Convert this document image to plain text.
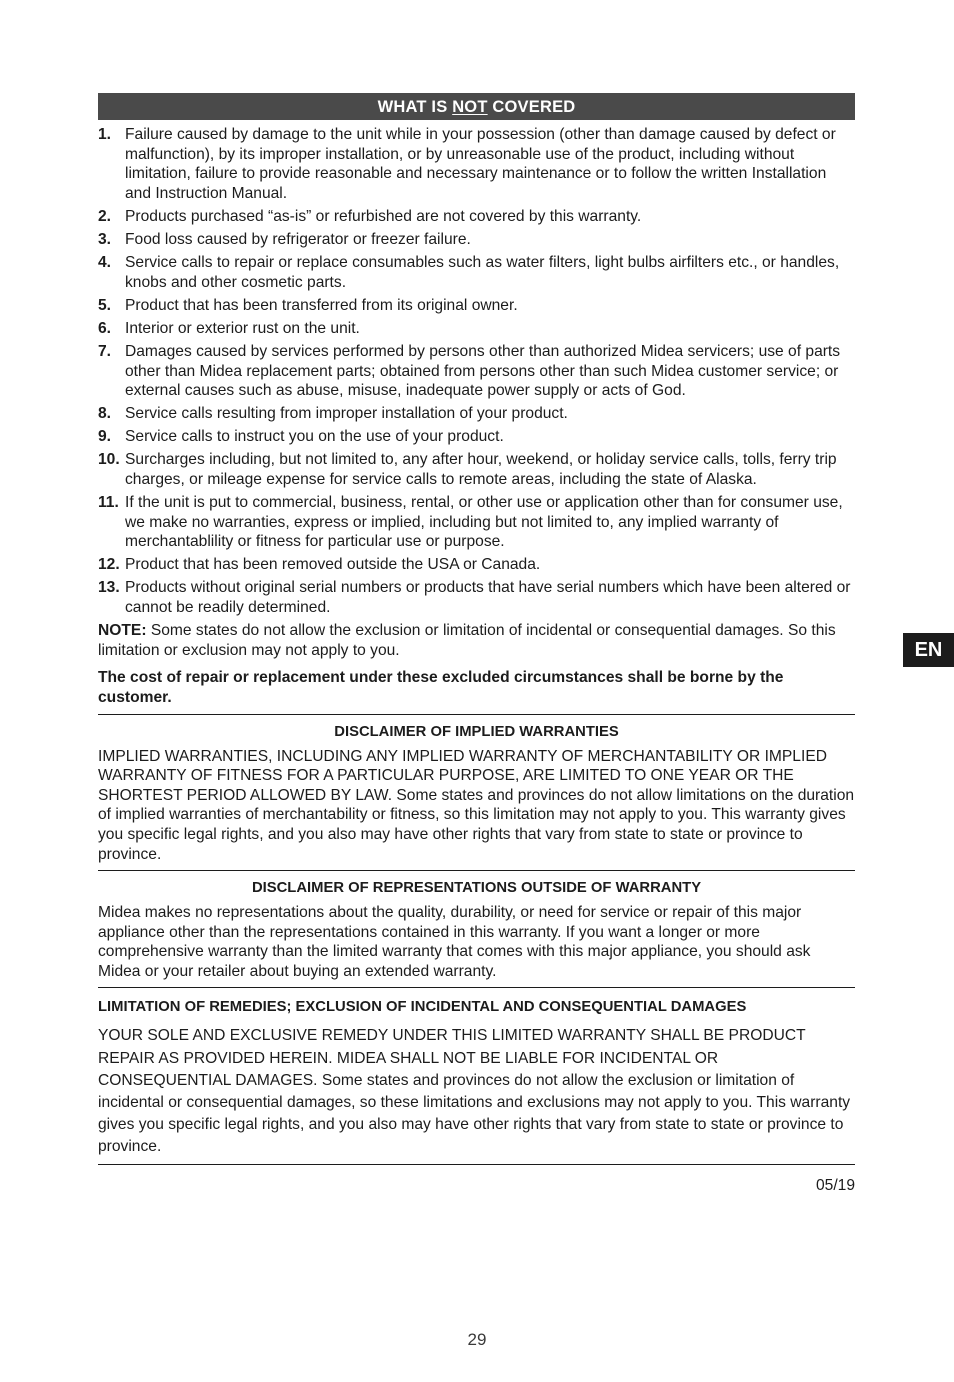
WHAT IS NOT COVERED
1. Failure caused by damage to the unit while in your possession (other than damage caused by defect or malfunction), by its improper installation, or by unreasonable use of the product, including without limitation, failure to provide reasonable and necessary maintenance or to follow the written Installation and Instruction Manual.
2. Products purchased “as-is” or refurbished are not covered by this warranty.
3. Food loss caused by refrigerator or freezer failure.
4. Service calls to repair or replace consumables such as water filters, light bulbs airfilters etc., or handles, knobs and other cosmetic parts.
5. Product that has been transferred from its original owner.
6. Interior or exterior rust on the unit.
7. Damages caused by services performed by persons other than authorized Midea servicers; use of parts other than Midea replacement parts; obtained from persons other than such Midea customer service; or external causes such as abuse, misuse, inadequate power supply or acts of God.
8. Service calls resulting from improper installation of your product.
9. Service calls to instruct you on the use of your product.
10. Surcharges including, but not limited to, any after hour, weekend, or holiday service calls, tolls, ferry trip charges, or mileage expense for service calls to remote areas, including the state of Alaska.
11. If the unit is put to commercial, business, rental, or other use or application other than for consumer use, we make no warranties, express or implied, including but not limited to, any implied warranty of merchantablility or fitness for particular use or purpose.
12. Product that has been removed outside the USA or Canada.
13. Products without original serial numbers or products that have serial numbers which have been altered or cannot be readily determined.

NOTE: Some states do not allow the exclusion or limitation of incidental or consequential damages. So this limitation or exclusion may not apply to you.

The cost of repair or replacement under these excluded circumstances shall be borne by the customer.

DISCLAIMER OF IMPLIED WARRANTIES

IMPLIED WARRANTIES, INCLUDING ANY IMPLIED WARRANTY OF MERCHANTABILITY OR IMPLIED WARRANTY OF FITNESS FOR A PARTICULAR PURPOSE, ARE LIMITED TO ONE YEAR OR THE SHORTEST PERIOD ALLOWED BY LAW. Some states and provinces do not allow limitations on the duration of implied warranties of merchantability or fitness, so this limitation may not apply to you. This warranty gives you specific legal rights, and you also may have other rights that vary from state to state or province to province.

DISCLAIMER OF REPRESENTATIONS OUTSIDE OF WARRANTY

Midea makes no representations about the quality, durability, or need for service or repair of this major appliance other than the representations contained in this warranty. If you want a longer or more comprehensive warranty than the limited warranty that comes with this major appliance, you should ask Midea or your retailer about buying an extended warranty.

LIMITATION OF REMEDIES; EXCLUSION OF INCIDENTAL AND CONSEQUENTIAL DAMAGES

YOUR SOLE AND EXCLUSIVE REMEDY UNDER THIS LIMITED WARRANTY SHALL BE PRODUCT REPAIR AS PROVIDED HEREIN. MIDEA SHALL NOT BE LIABLE FOR INCIDENTAL OR CONSEQUENTIAL DAMAGES. Some states and provinces do not allow the exclusion or limitation of incidental or consequential damages, so these limitations and exclusions may not apply to you. This warranty gives you specific legal rights, and you also may have other rights that vary from state to state or province to province.

05/19
EN
29
